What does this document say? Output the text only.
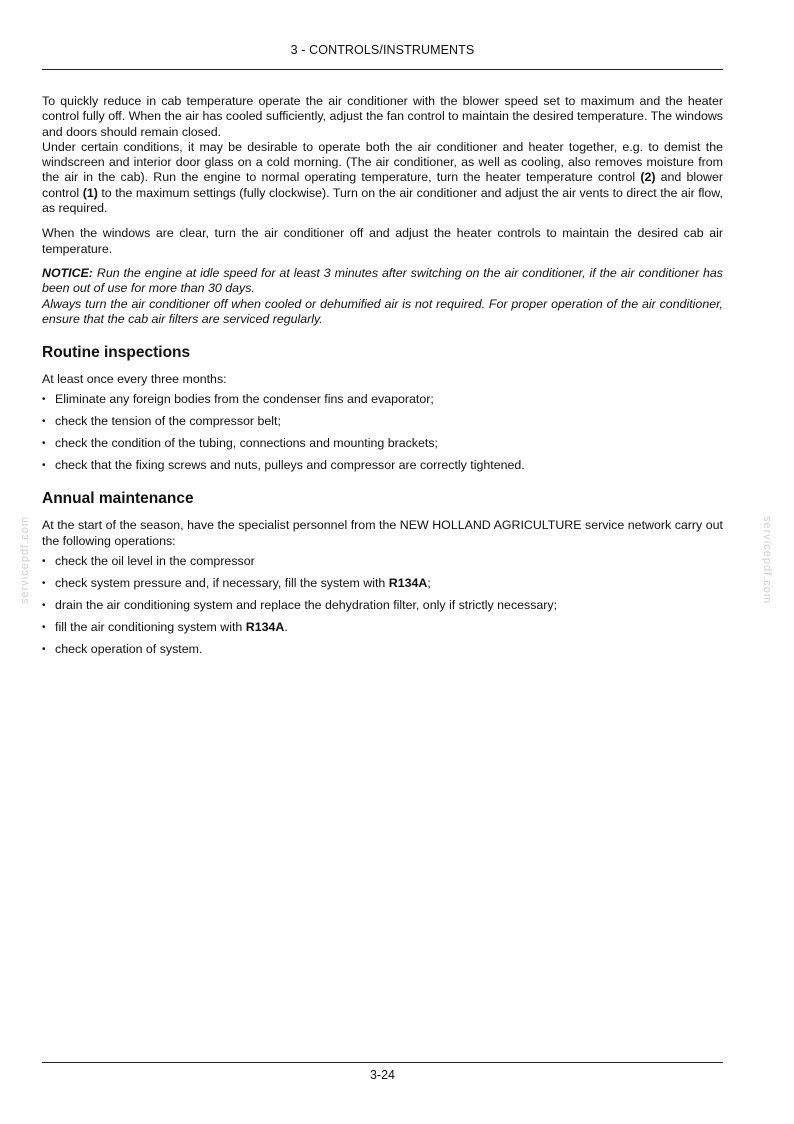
3 - CONTROLS/INSTRUMENTS
servicepdf.com	servicepdf.com

To quickly reduce in cab temperature operate the air conditioner with the blower speed set to maximum and the heater control fully off. When the air has cooled sufficiently, adjust the fan control to maintain the desired temperature. The windows and doors should remain closed.

Under certain conditions, it may be desirable to operate both the air conditioner and heater together, e.g. to demist the windscreen and interior door glass on a cold morning. (The air conditioner, as well as cooling, also removes moisture from the air in the cab). Run the engine to normal operating temperature, turn the heater temperature control (2) and blower control (1) to the maximum settings (fully clockwise). Turn on the air conditioner and adjust the air vents to direct the air flow, as required.

When the windows are clear, turn the air conditioner off and adjust the heater controls to maintain the desired cab air temperature.

NOTICE: Run the engine at idle speed for at least 3 minutes after switching on the air conditioner, if the air conditioner has been out of use for more than 30 days.

Always turn the air conditioner off when cooled or dehumified air is not required. For proper operation of the air conditioner, ensure that the cab air filters are serviced regularly.

Routine inspections

At least once every three months:

• Eliminate any foreign bodies from the condenser fins and evaporator;
• check the tension of the compressor belt;
• check the condition of the tubing, connections and mounting brackets;
• check that the fixing screws and nuts, pulleys and compressor are correctly tightened.
Annual maintenance

At the start of the season, have the specialist personnel from the NEW HOLLAND AGRICULTURE service network carry out the following operations:

• check the oil level in the compressor
• check system pressure and, if necessary, fill the system with R134A;
• drain the air conditioning system and replace the dehydration filter, only if strictly necessary;
• fill the air conditioning system with R134A.
• check operation of system.
3-24
